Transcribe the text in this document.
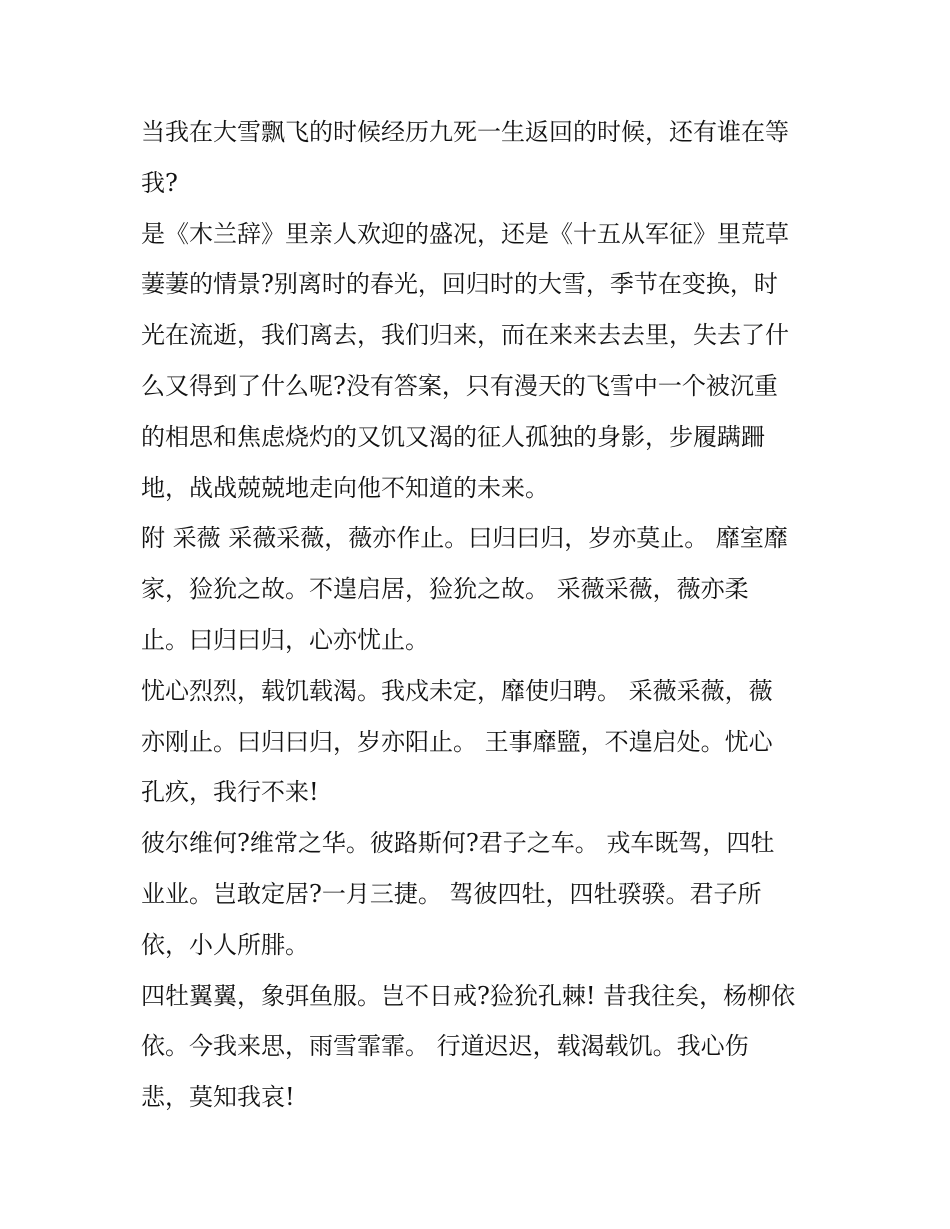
当我在大雪飘飞的时候经历九死一生返回的时候，还有谁在等
我?
是《木兰辞》里亲人欢迎的盛况，还是《十五从军征》里荒草
萋萋的情景?别离时的春光，回归时的大雪，季节在变换，时
光在流逝，我们离去，我们归来，而在来来去去里，失去了什
么又得到了什么呢?没有答案，只有漫天的飞雪中一个被沉重
的相思和焦虑烧灼的又饥又渴的征人孤独的身影，步履蹒跚
地，战战兢兢地走向他不知道的未来。
附 采薇 采薇采薇，薇亦作止。曰归曰归，岁亦莫止。 靡室靡
家，猃狁之故。不遑启居，猃狁之故。 采薇采薇，薇亦柔
止。曰归曰归，心亦忧止。
忧心烈烈，载饥载渴。我戍未定，靡使归聘。 采薇采薇，薇
亦刚止。曰归曰归，岁亦阳止。 王事靡盬，不遑启处。忧心
孔疚，我行不来!
彼尔维何?维常之华。彼路斯何?君子之车。 戎车既驾，四牡
业业。岂敢定居?一月三捷。 驾彼四牡，四牡骙骙。君子所
依，小人所腓。
四牡翼翼，象弭鱼服。岂不日戒?猃狁孔棘! 昔我往矣，杨柳依
依。今我来思，雨雪霏霏。 行道迟迟，载渴载饥。我心伤
悲，莫知我哀!
